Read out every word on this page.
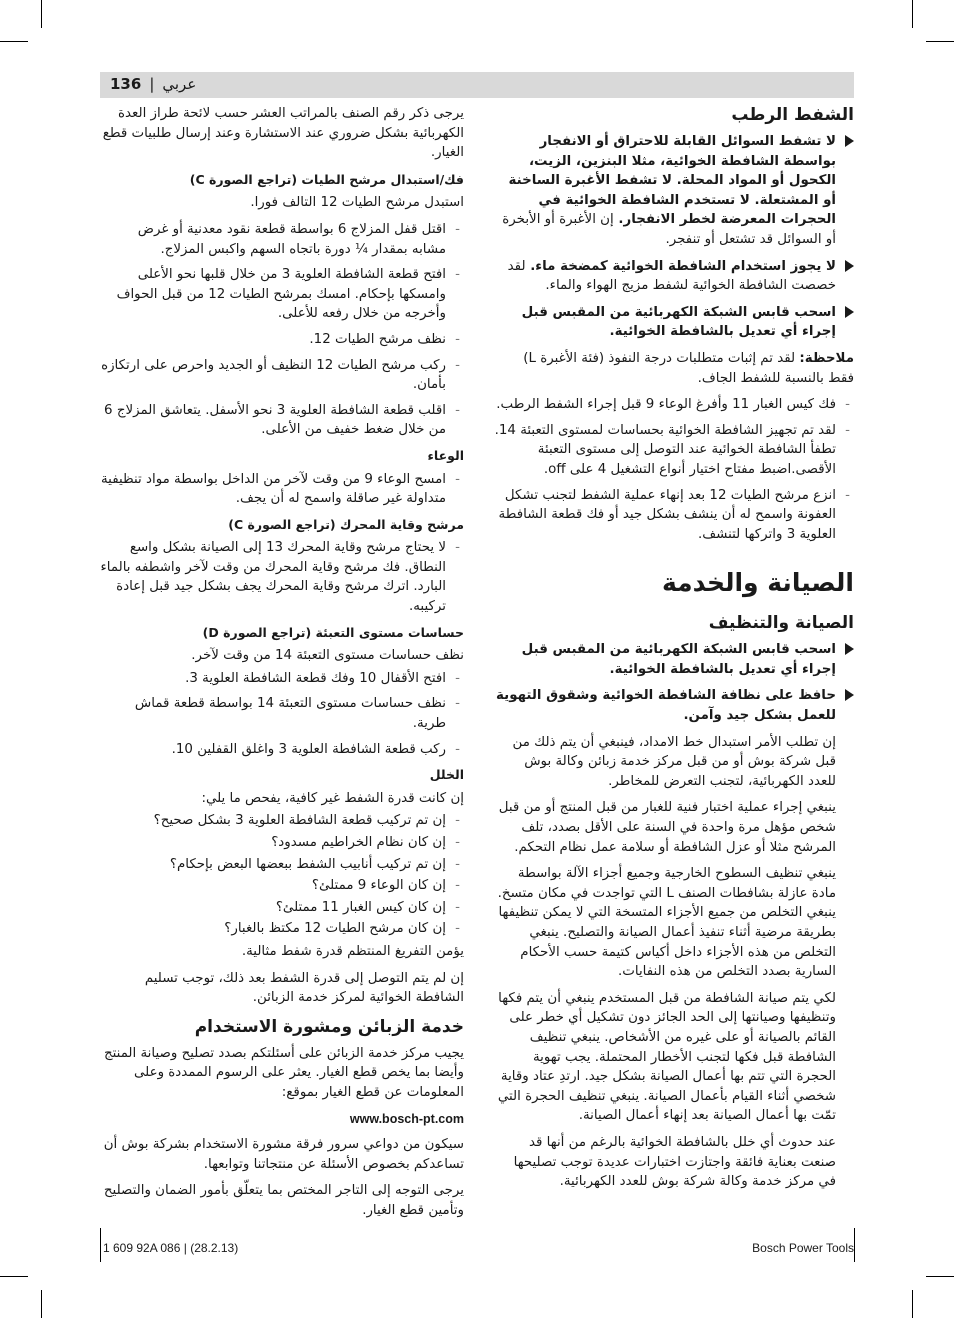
136 | عربي
الشفط الرطب
لا تشفط السوائل القابلة للاحتراق أو الانفجار بواسطة الشافطة الخوائية، مثلا البنزين، الزيت، الكحول أو المواد المحلة. لا تشفط الأغبرة الساخنة أو المشتعلة. لا تستخدم الشافطة الخوائية في الحجرات المعرضة لخطر الانفجار. إن الأغبرة أو الأبخرة أو السوائل قد تشتعل أو تنفجر.
لا يجوز استخدام الشافطة الخوائية كمضخة ماء. لقد خصصت الشافطة الخوائية لشفط مزيج الهواء والماء.
اسحب قابس الشبكة الكهربائية من المقبس قبل إجراء أي تعديل بالشافطة الخوائية.

ملاحظة: لقد تم إثبات متطلبات درجة النفوذ (فئة الأغبرة L) فقط بالنسبة للشفط الجاف.

-
فك كيس الغبار 11 وأفرغ الوعاء 9 قبل إجراء الشفط الرطب.
-
لقد تم تجهيز الشافطة الخوائية بحساسات لمستوى التعبئة 14. تطفأ الشافطة الخوائية عند التوصل إلى مستوى التعبئة الأقصى.اضبط مفتاح اختيار أنواع التشغيل 4 على off.
-
انزع مرشح الطيات 12 بعد إنهاء عملية الشفط لتجنب تشكل العفونة واسمح له أن ينشف بشكل جيد أو فك قطعة الشافطة العلوية 3 واتركها لتنشف.
الصيانة والخدمة
الصيانة والتنظيف
اسحب قابس الشبكة الكهربائية من المقبس قبل إجراء أي تعديل بالشافطة الخوائية.
حافظ على نظافة الشافطة الخوائية وشقوق التهوية للعمل بشكل جيد وآمن.

إن تطلب الأمر استبدال خط الامداد، فينبغي أن يتم ذلك من قبل شركة بوش أو من قبل مركز خدمة زبائن وكالة بوش للعدد الكهربائية، لتجنب التعرض للمخاطر.

ينبغي إجراء عملية اختبار فنية للغبار من قبل المنتج أو من قبل شخص مؤهل مرة واحدة في السنة على الأقل بصدد، تلف المرشح مثلا أو عزل الشافطة أو سلامة عمل نظام التحكم.

ينبغي تنظيف السطوح الخارجية وجميع أجزاء الآلة بواسطة مادة عازلة بشافطات الصنف L التي تواجدت في مكان متسخ. ينبغي التخلص من جميع الأجزاء المتسخة التي لا يمكن تنظيفها بطريقة مرضية أثناء تنفيذ أعمال الصيانة والتصليح. ينبغي التخلص من هذه الأجزاء داخل أكياس كتيمة حسب الأحكام السارية بصدد التخلص من هذه النفايات.

لكي يتم صيانة الشافطة من قبل المستخدم ينبغي أن يتم فكها وتنظيفها وصيانتها إلى الحد الجائز دون تشكيل أي خطر على القائم بالصيانة أو على غيره من الأشخاص. ينبغي تنظيف الشافطة قبل فكها لتجنب الأخطار المحتملة. يجب تهوية الحجرة التي تتم بها أعمال الصيانة بشكل جيد. ارتدِ عتاد وقاية شخصي أثناء القيام بأعمال الصيانة. ينبغي تنظيف الحجرة التي تمّت بها أعمال الصيانة بعد إنهاء أعمال الصيانة.

عند حدوث أي خلل بالشافطة الخوائية بالرغم من أنها قد صنعت بعناية فائقة واجتازت اختبارات عديدة توجب تصليحها في مركز خدمة وكالة شركة بوش للعدد الكهربائية.

يرجى ذكر رقم الصنف بالمراتب العشر حسب لائحة طراز العدة الكهربائية بشكل ضروري عند الاستشارة وعند إرسال طلبيات قطع الغيار.

فك/استبدال مرشح الطيات (تراجع الصورة C)

استبدل مرشح الطيات 12 التالف فورا.

-
اقتل قفل المزلاج 6 بواسطة قطعة نقود معدنية أو غرض مشابه بمقدار ¼ دورة باتجاه السهم واكبس المزلاج.
-
افتح قطعة الشافطة العلوية 3 من خلال قلبها نحو الأعلى وامسكها بإحكام. امسك بمرشح الطيات 12 من قبل الحواف وأخرجه من خلال رفعه للأعلى.
-
نظف مرشح الطيات 12.
-
ركب مرشح الطيات 12 النظيف أو الجديد واحرص على ارتكازه بأمان.
-
اقلب قطعة الشافطة العلوية 3 نحو الأسفل. يتعاشق المزلاج 6 من خلال ضغط خفيف من الأعلى.
الوعاء
-
امسح الوعاء 9 من وقت لآخر من الداخل بواسطة مواد تنظيفية متداولة غير صاقلة واسمح له أن يجف.
مرشح وقاية المحرك (تراجع الصورة C)
-
لا يحتاج مرشح وقاية المحرك 13 إلى الصيانة بشكل واسع النطاق. فك مرشح وقاية المحرك من وقت لآخر واشطفه بالماء البارد. اترك مرشح وقاية المحرك يجف بشكل جيد قبل إعادة تركيبه.
حساسات مستوى التعبئة (تراجع الصورة D)

نظف حساسات مستوى التعبئة 14 من وقت لآخر.

-
افتح الأقفال 10 وفك قطعة الشافطة العلوية 3.
-
نظف حساسات مستوى التعبئة 14 بواسطة قطعة قماش طرية.
-
ركب قطعة الشافطة العلوية 3 واغلق القفلين 10.
الخلل

إن كانت قدرة الشفط غير كافية، يفحص ما يلي:

-
إن تم تركيب قطعة الشافطة العلوية 3 بشكل صحيح؟
-
إن كان نظام الخراطيم مسدود؟
-
إن تم تركيب أنابيب الشفط ببعضها البعض بإحكام؟
-
إن كان الوعاء 9 ممتلئ؟
-
إن كان كيس الغبار 11 ممتلئ؟
-
إن كان مرشح الطيات 12 مكتظ بالغبار؟

يؤمن التفريغ المنتظم قدرة شفط مثالية.

إن لم يتم التوصل إلى قدرة الشفط بعد ذلك، توجب تسليم الشافطة الخوائية لمركز خدمة الزبائن.

خدمة الزبائن ومشورة الاستخدام

يجيب مركز خدمة الزبائن على أسئلتكم بصدد تصليح وصيانة المنتج وأيضا بما يخص قطع الغيار. يعثر على الرسوم الممددة وعلى المعلومات عن قطع الغيار بموقع:

www.bosch-pt.com

سيكون من دواعي سرور فرقة مشورة الاستخدام بشركة بوش أن تساعدكم بخصوص الأسئلة عن منتجاتنا وتوابعها.

يرجى التوجه إلى التاجر المختص بما يتعلّق بأمور الضمان والتصليح وتأمين قطع الغيار.

1 609 92A 086 | (28.2.13)	Bosch Power Tools
